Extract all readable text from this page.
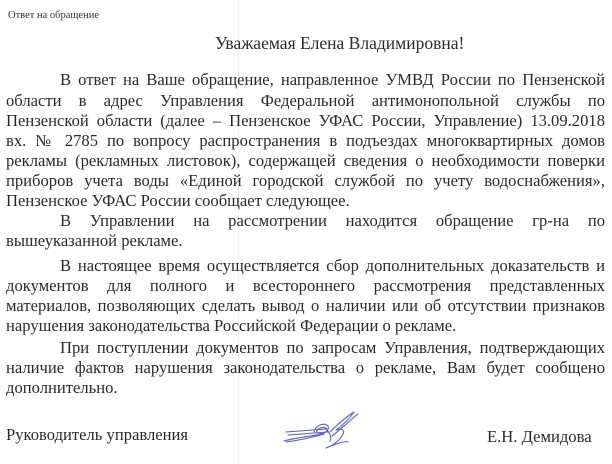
Ответ на обращение
Уважаемая Елена Владимировна!
В ответ на Ваше обращение, направленное УМВД России по Пензенской
области в адрес Управления Федеральной антимонопольной службы по
Пензенской области (далее – Пензенское УФАС России, Управление) 13.09.2018
вх. № 2785 по вопросу распространения в подъездах многоквартирных домов
рекламы (рекламных листовок), содержащей сведения о необходимости поверки
приборов учета воды «Единой городской службой по учету водоснабжения»,
Пензенское УФАС России сообщает следующее.
В Управлении на рассмотрении находится обращение гр-на по
вышеуказанной рекламе.
В настоящее время осуществляется сбор дополнительных доказательств и
документов для полного и всестороннего рассмотрения представленных
материалов, позволяющих сделать вывод о наличии или об отсутствии признаков
нарушения законодательства Российской Федерации о рекламе.
При поступлении документов по запросам Управления, подтверждающих
наличие фактов нарушения законодательства о рекламе, Вам будет сообщено
дополнительно.
Руководитель управления	Е.Н. Демидова
